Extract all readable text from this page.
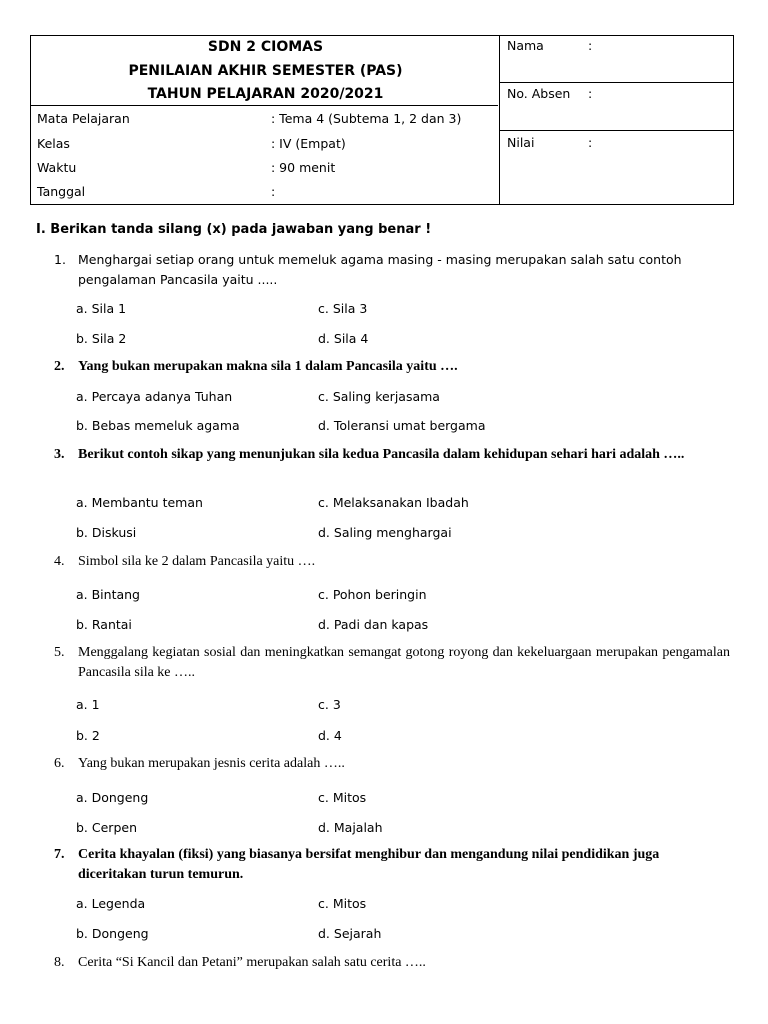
SDN 2 CIOMAS
PENILAIAN AKHIR SEMESTER (PAS)
TAHUN PELAJARAN 2020/2021
Mata Pelajaran	: Tema 4 (Subtema 1, 2 dan 3)
Kelas	: IV (Empat)
Waktu	: 90 menit
Tanggal	:
Nama	:
No. Absen :
Nilai	:
I. Berikan tanda silang (x) pada jawaban yang benar !
1. Menghargai setiap orang untuk memeluk agama masing - masing merupakan salah satu contoh pengalaman Pancasila yaitu .....
a. Sila 1	c. Sila 3
b. Sila 2	d. Sila 4
2. Yang bukan merupakan makna sila 1 dalam Pancasila yaitu ….
a. Percaya adanya Tuhan	c. Saling kerjasama
b. Bebas memeluk agama	d. Toleransi umat bergama
3. Berikut contoh sikap yang menunjukan sila kedua Pancasila dalam kehidupan sehari hari adalah …..
a. Membantu teman	c. Melaksanakan Ibadah
b. Diskusi	d. Saling menghargai
4. Simbol sila ke 2 dalam Pancasila yaitu ….
a. Bintang	c. Pohon beringin
b. Rantai	d. Padi dan kapas
5. Menggalang kegiatan sosial dan meningkatkan semangat gotong royong dan kekeluargaan merupakan pengamalan Pancasila sila ke …..
a. 1	c. 3
b. 2	d. 4
6. Yang bukan merupakan jesnis cerita adalah …..
a. Dongeng	c. Mitos
b. Cerpen	d. Majalah
7. Cerita khayalan (fiksi) yang biasanya bersifat menghibur dan mengandung nilai pendidikan juga diceritakan turun temurun.
a. Legenda	c. Mitos
b. Dongeng	d. Sejarah
8. Cerita “Si Kancil dan Petani” merupakan salah satu cerita …..
